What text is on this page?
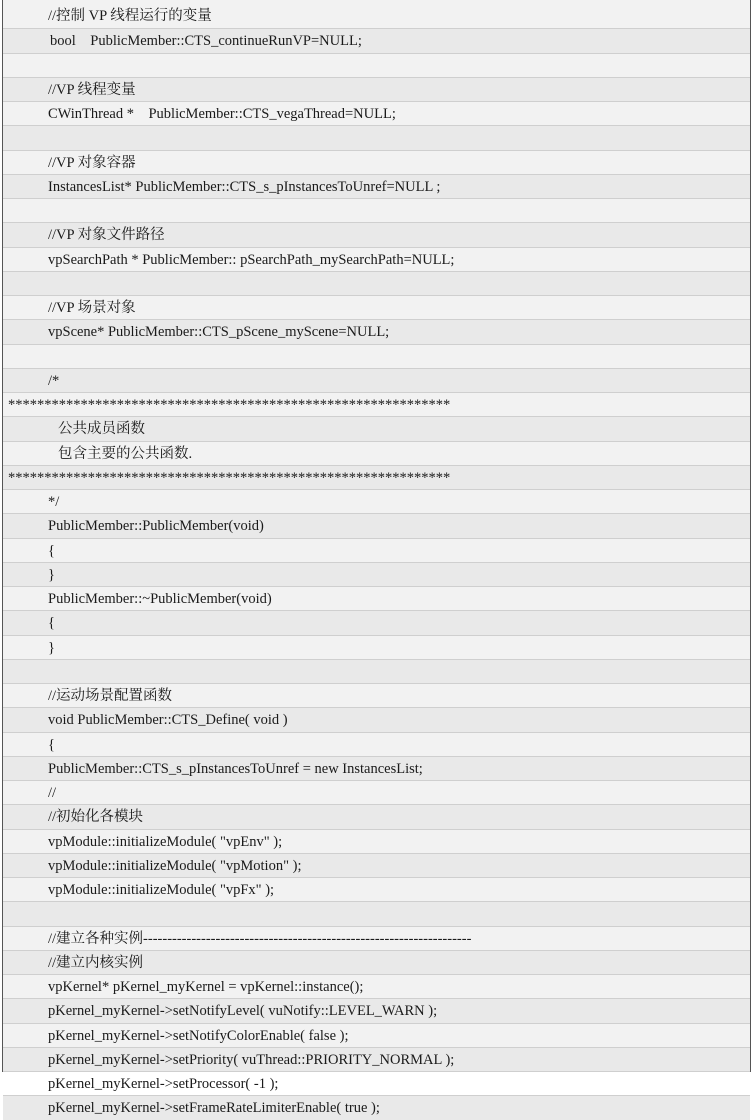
//控制 VP 线程运行的变量
bool    PublicMember::CTS_continueRunVP=NULL;
//VP 线程变量
CWinThread *    PublicMember::CTS_vegaThread=NULL;
//VP 对象容器
InstancesList* PublicMember::CTS_s_pInstancesToUnref=NULL ;
//VP 对象文件路径
vpSearchPath * PublicMember:: pSearchPath_mySearchPath=NULL;
//VP 场景对象
vpScene* PublicMember::CTS_pScene_myScene=NULL;
/*
*************************************************************
公共成员函数
包含主要的公共函数.
*************************************************************
*/
PublicMember::PublicMember(void)
{
}
PublicMember::~PublicMember(void)
{
}
//运动场景配置函数
void PublicMember::CTS_Define( void )
{
PublicMember::CTS_s_pInstancesToUnref = new InstancesList;
//
//初始化各模块
vpModule::initializeModule( "vpEnv" );
vpModule::initializeModule( "vpMotion" );
vpModule::initializeModule( "vpFx" );
//建立各种实例--------------------------------------------------------------------
//建立内核实例
vpKernel* pKernel_myKernel = vpKernel::instance();
pKernel_myKernel->setNotifyLevel( vuNotify::LEVEL_WARN );
pKernel_myKernel->setNotifyColorEnable( false );
pKernel_myKernel->setPriority( vuThread::PRIORITY_NORMAL );
pKernel_myKernel->setProcessor( -1 );
pKernel_myKernel->setFrameRateLimiterEnable( true );
